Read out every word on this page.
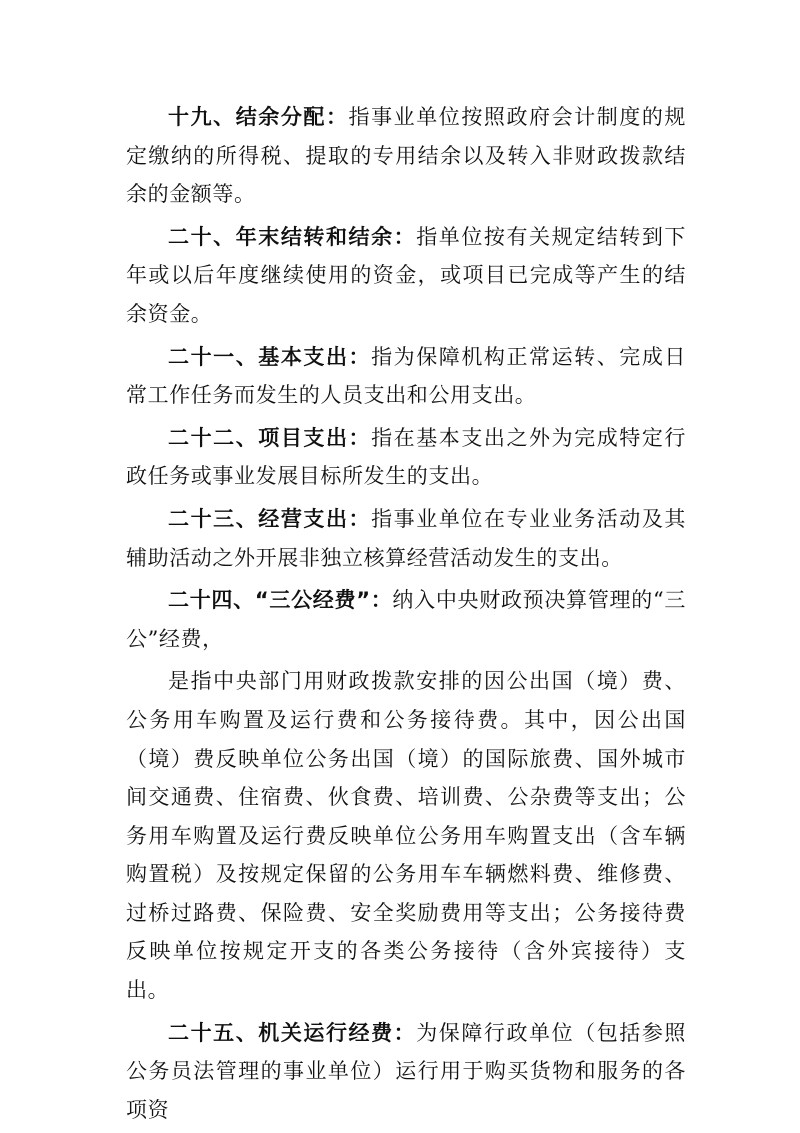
十九、结余分配：指事业单位按照政府会计制度的规定缴纳的所得税、提取的专用结余以及转入非财政拨款结余的金额等。

二十、年末结转和结余：指单位按有关规定结转到下年或以后年度继续使用的资金，或项目已完成等产生的结余资金。

二十一、基本支出：指为保障机构正常运转、完成日常工作任务而发生的人员支出和公用支出。

二十二、项目支出：指在基本支出之外为完成特定行政任务或事业发展目标所发生的支出。

二十三、经营支出：指事业单位在专业业务活动及其辅助活动之外开展非独立核算经营活动发生的支出。

二十四、“三公经费”：纳入中央财政预决算管理的“三公”经费，

是指中央部门用财政拨款安排的因公出国（境）费、公务用车购置及运行费和公务接待费。其中，因公出国（境）费反映单位公务出国（境）的国际旅费、国外城市间交通费、住宿费、伙食费、培训费、公杂费等支出；公务用车购置及运行费反映单位公务用车购置支出（含车辆购置税）及按规定保留的公务用车车辆燃料费、维修费、过桥过路费、保险费、安全奖励费用等支出；公务接待费反映单位按规定开支的各类公务接待（含外宾接待）支出。

二十五、机关运行经费：为保障行政单位（包括参照公务员法管理的事业单位）运行用于购买货物和服务的各项资
